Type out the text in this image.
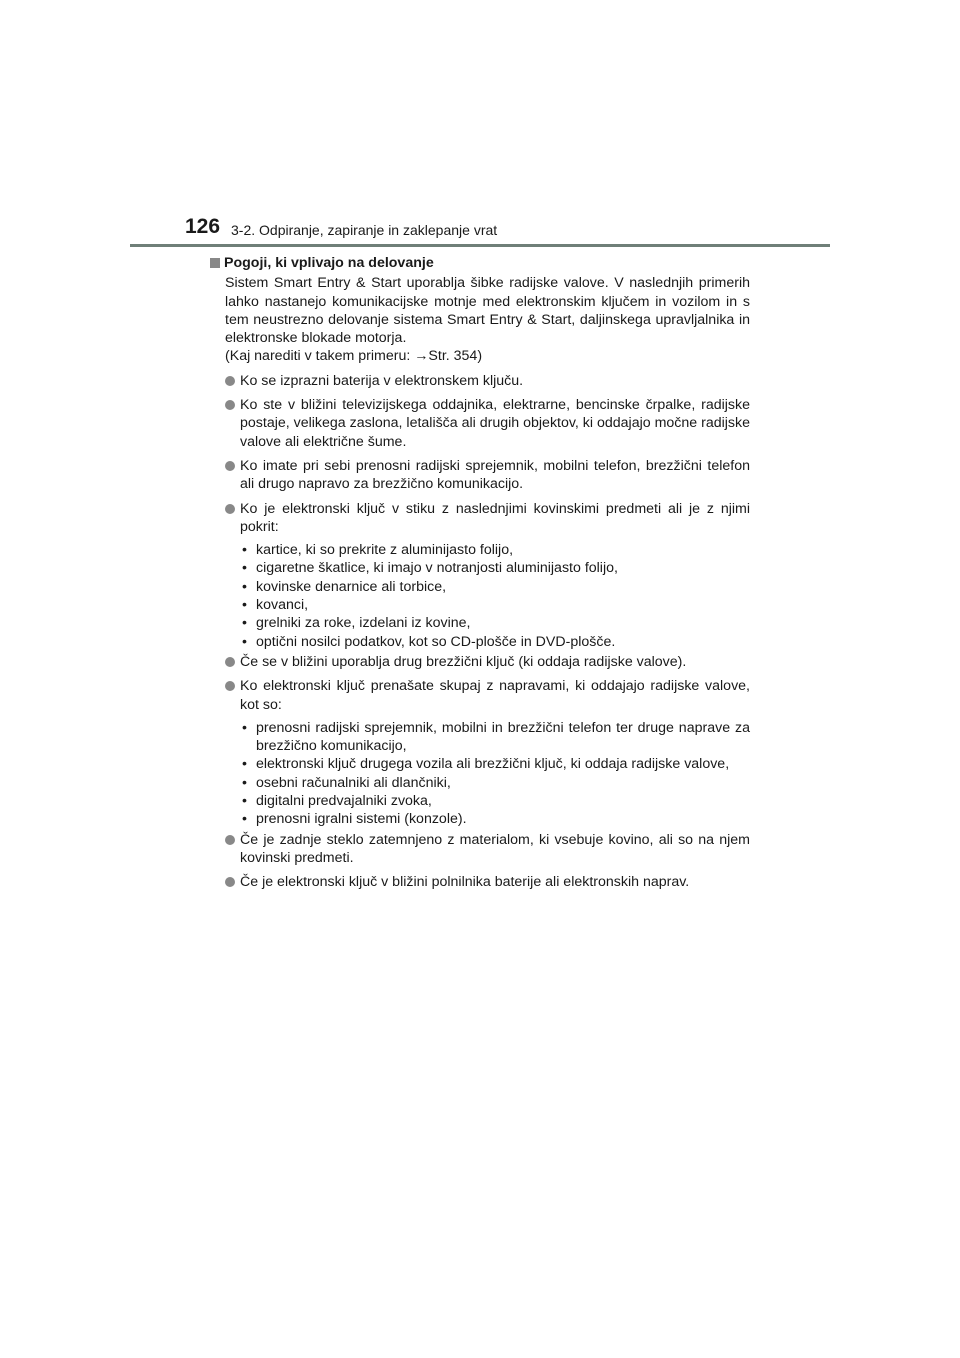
126 3-2. Odpiranje, zapiranje in zaklepanje vrat
Pogoji, ki vplivajo na delovanje

Sistem Smart Entry & Start uporablja šibke radijske valove. V naslednjih primerih lahko nastanejo komunikacijske motnje med elektronskim ključem in vozilom in s tem neustrezno delovanje sistema Smart Entry & Start, daljinskega upravljalnika in elektronske blokade motorja.

(Kaj narediti v takem primeru: →Str. 354)

Ko se izprazni baterija v elektronskem ključu.
Ko ste v bližini televizijskega oddajnika, elektrarne, bencinske črpalke, radijske postaje, velikega zaslona, letališča ali drugih objektov, ki oddajajo močne radijske valove ali električne šume.
Ko imate pri sebi prenosni radijski sprejemnik, mobilni telefon, brezžični telefon ali drugo napravo za brezžično komunikacijo.
Ko je elektronski ključ v stiku z naslednjimi kovinskimi predmeti ali je z njimi pokrit:
• kartice, ki so prekrite z aluminijasto folijo,
• cigaretne škatlice, ki imajo v notranjosti aluminijasto folijo,
• kovinske denarnice ali torbice,
• kovanci,
• grelniki za roke, izdelani iz kovine,
• optični nosilci podatkov, kot so CD-plošče in DVD-plošče.
Če se v bližini uporablja drug brezžični ključ (ki oddaja radijske valove).
Ko elektronski ključ prenašate skupaj z napravami, ki oddajajo radijske valove, kot so:
• prenosni radijski sprejemnik, mobilni in brezžični telefon ter druge naprave za brezžično komunikacijo,
• elektronski ključ drugega vozila ali brezžični ključ, ki oddaja radijske valove,
• osebni računalniki ali dlančniki,
• digitalni predvajalniki zvoka,
• prenosni igralni sistemi (konzole).
Če je zadnje steklo zatemnjeno z materialom, ki vsebuje kovino, ali so na njem kovinski predmeti.
Če je elektronski ključ v bližini polnilnika baterije ali elektronskih naprav.
